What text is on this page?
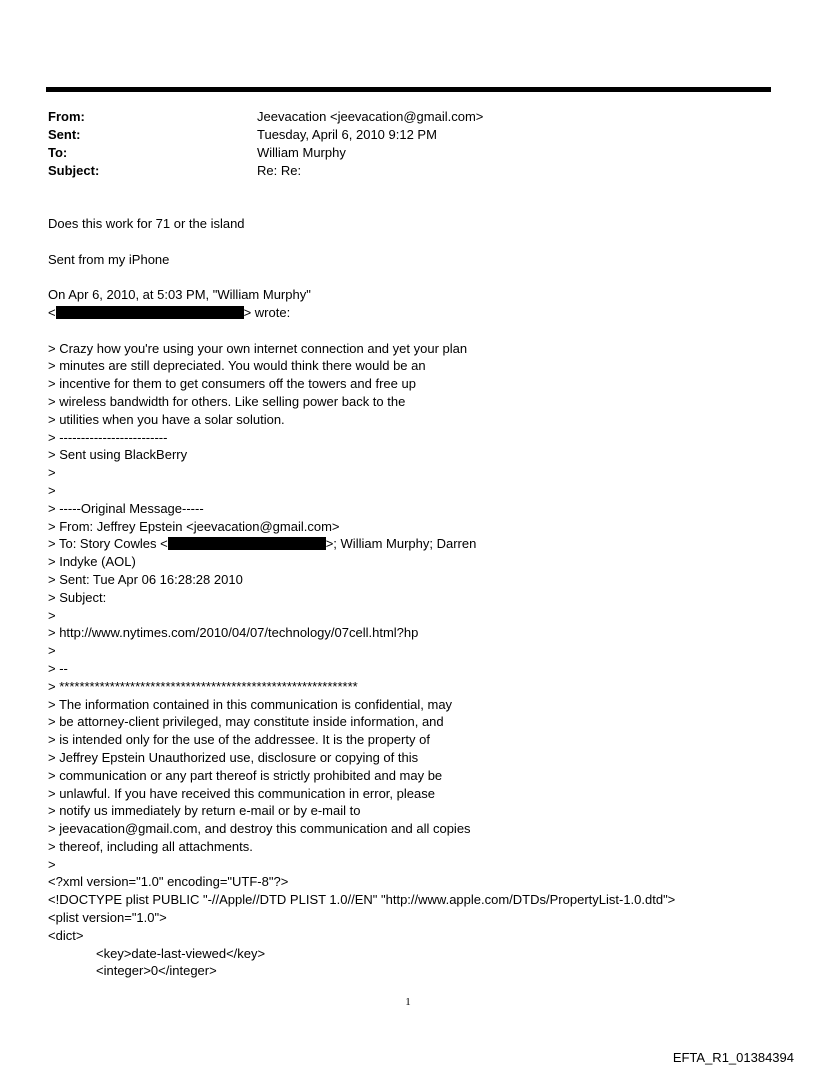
From:	Jeevacation <jeevacation@gmail.com>
Sent:	Tuesday, April 6, 2010 9:12 PM
To:	William Murphy
Subject:	Re: Re:
Does this work for 71 or the island
Sent from my iPhone
On Apr 6, 2010, at 5:03 PM, "William Murphy"
<	> wrote:
> Crazy how you're using your own internet connection and yet your plan
> minutes are still depreciated. You would think there would be an
> incentive for them to get consumers off the towers and free up
> wireless bandwidth for others. Like selling power back to the
> utilities when you have a solar solution.
> -------------------------
> Sent using BlackBerry
>
>
> -----Original Message-----
> From: Jeffrey Epstein <jeevacation@gmail.com>
> To: Story Cowles <	>; William Murphy; Darren
> Indyke (AOL)
> Sent: Tue Apr 06 16:28:28 2010
> Subject:
>
> http://www.nytimes.com/2010/04/07/technology/07cell.html?hp
>
> --
> ***********************************************************
> The information contained in this communication is confidential, may
> be attorney-client privileged, may constitute inside information, and
> is intended only for the use of the addressee. It is the property of
> Jeffrey Epstein Unauthorized use, disclosure or copying of this
> communication or any part thereof is strictly prohibited and may be
> unlawful. If you have received this communication in error, please
> notify us immediately by return e-mail or by e-mail to
> jeevacation@gmail.com, and destroy this communication and all copies
> thereof, including all attachments.
>
<?xml version="1.0" encoding="UTF-8"?>
<!DOCTYPE plist PUBLIC "-//Apple//DTD PLIST 1.0//EN" "http://www.apple.com/DTDs/PropertyList-1.0.dtd">
<plist version="1.0">
<dict>
<key>date-last-viewed</key>
<integer>0</integer>
1
EFTA_R1_01384394
